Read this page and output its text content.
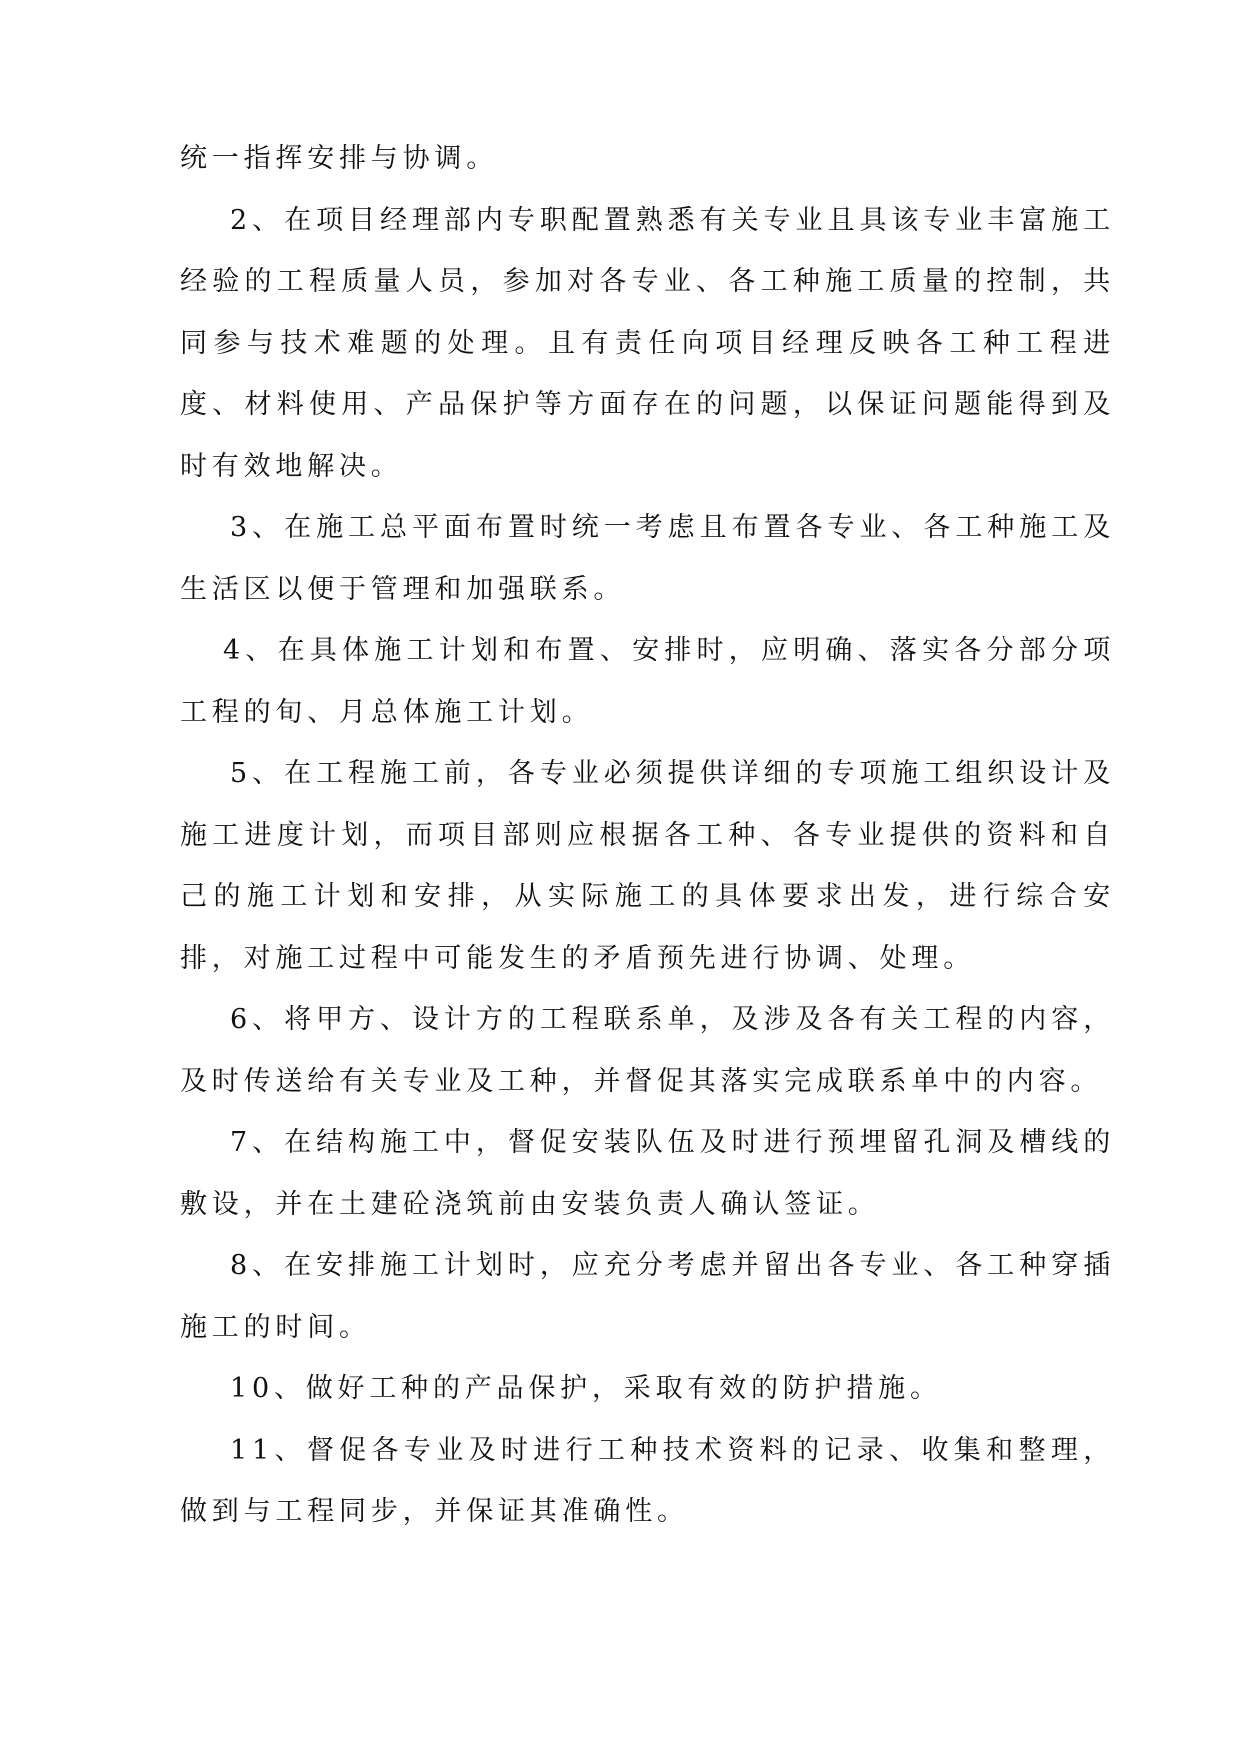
统一指挥安排与协调。

2、在项目经理部内专职配置熟悉有关专业且具该专业丰富施工经验的工程质量人员，参加对各专业、各工种施工质量的控制，共同参与技术难题的处理。且有责任向项目经理反映各工种工程进度、材料使用、产品保护等方面存在的问题，以保证问题能得到及时有效地解决。

3、在施工总平面布置时统一考虑且布置各专业、各工种施工及生活区以便于管理和加强联系。

4、在具体施工计划和布置、安排时，应明确、落实各分部分项工程的旬、月总体施工计划。

5、在工程施工前，各专业必须提供详细的专项施工组织设计及施工进度计划，而项目部则应根据各工种、各专业提供的资料和自己的施工计划和安排，从实际施工的具体要求出发，进行综合安排，对施工过程中可能发生的矛盾预先进行协调、处理。

6、将甲方、设计方的工程联系单，及涉及各有关工程的内容，及时传送给有关专业及工种，并督促其落实完成联系单中的内容。

7、在结构施工中，督促安装队伍及时进行预埋留孔洞及槽线的敷设，并在土建砼浇筑前由安装负责人确认签证。

8、在安排施工计划时，应充分考虑并留出各专业、各工种穿插施工的时间。

10、做好工种的产品保护，采取有效的防护措施。

11、督促各专业及时进行工种技术资料的记录、收集和整理，做到与工程同步，并保证其准确性。
